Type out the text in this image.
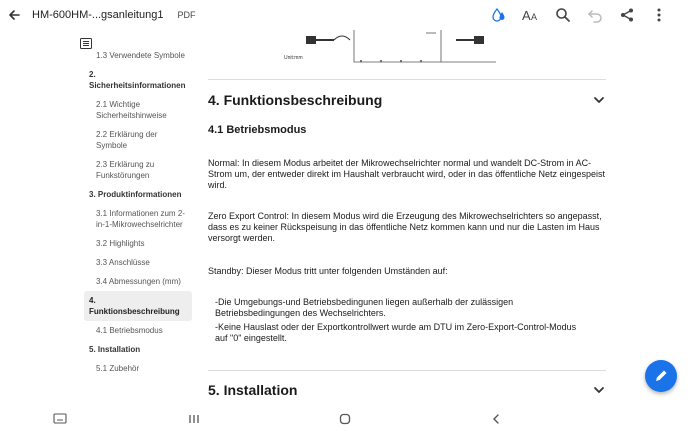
HM-600HM-...gsanleitung1 PDF	A A
1.3 Verwendete Symbole
2. Sicherheitsinformationen
2.1 Wichtige Sicherheitshinweise
2.2 Erklärung der Symbole
2.3 Erklärung zu Funkstörungen
3. Produktinformationen
3.1 Informationen zum 2-in-1-Mikrowechselrichter
3.2 Highlights
3.3 Anschlüsse
3.4 Abmessungen (mm)
4. Funktionsbeschreibung
4.1 Betriebsmodus
5. Installation
5.1 Zubehör
Unit:mm
4. Funktionsbeschreibung
4.1 Betriebsmodus

Normal: In diesem Modus arbeitet der Mikrowechselrichter normal und wandelt DC-Strom in AC-Strom um, der entweder direkt im Haushalt verbraucht wird, oder in das öffentliche Netz eingespeist wird.

Zero Export Control: In diesem Modus wird die Erzeugung des Mikrowechselrichters so angepasst, dass es zu keiner Rückspeisung in das öffentliche Netz kommen kann und nur die Lasten im Haus versorgt werden.

Standby: Dieser Modus tritt unter folgenden Umständen auf:

-Die Umgebungs-und Betriebsbedingunen liegen außerhalb der zulässigen Betriebsbedingungen des Wechselrichters.

-Keine Hauslast oder der Exportkontrollwert wurde am DTU im Zero-Export-Control-Modus auf "0" eingestellt.

5. Installation
